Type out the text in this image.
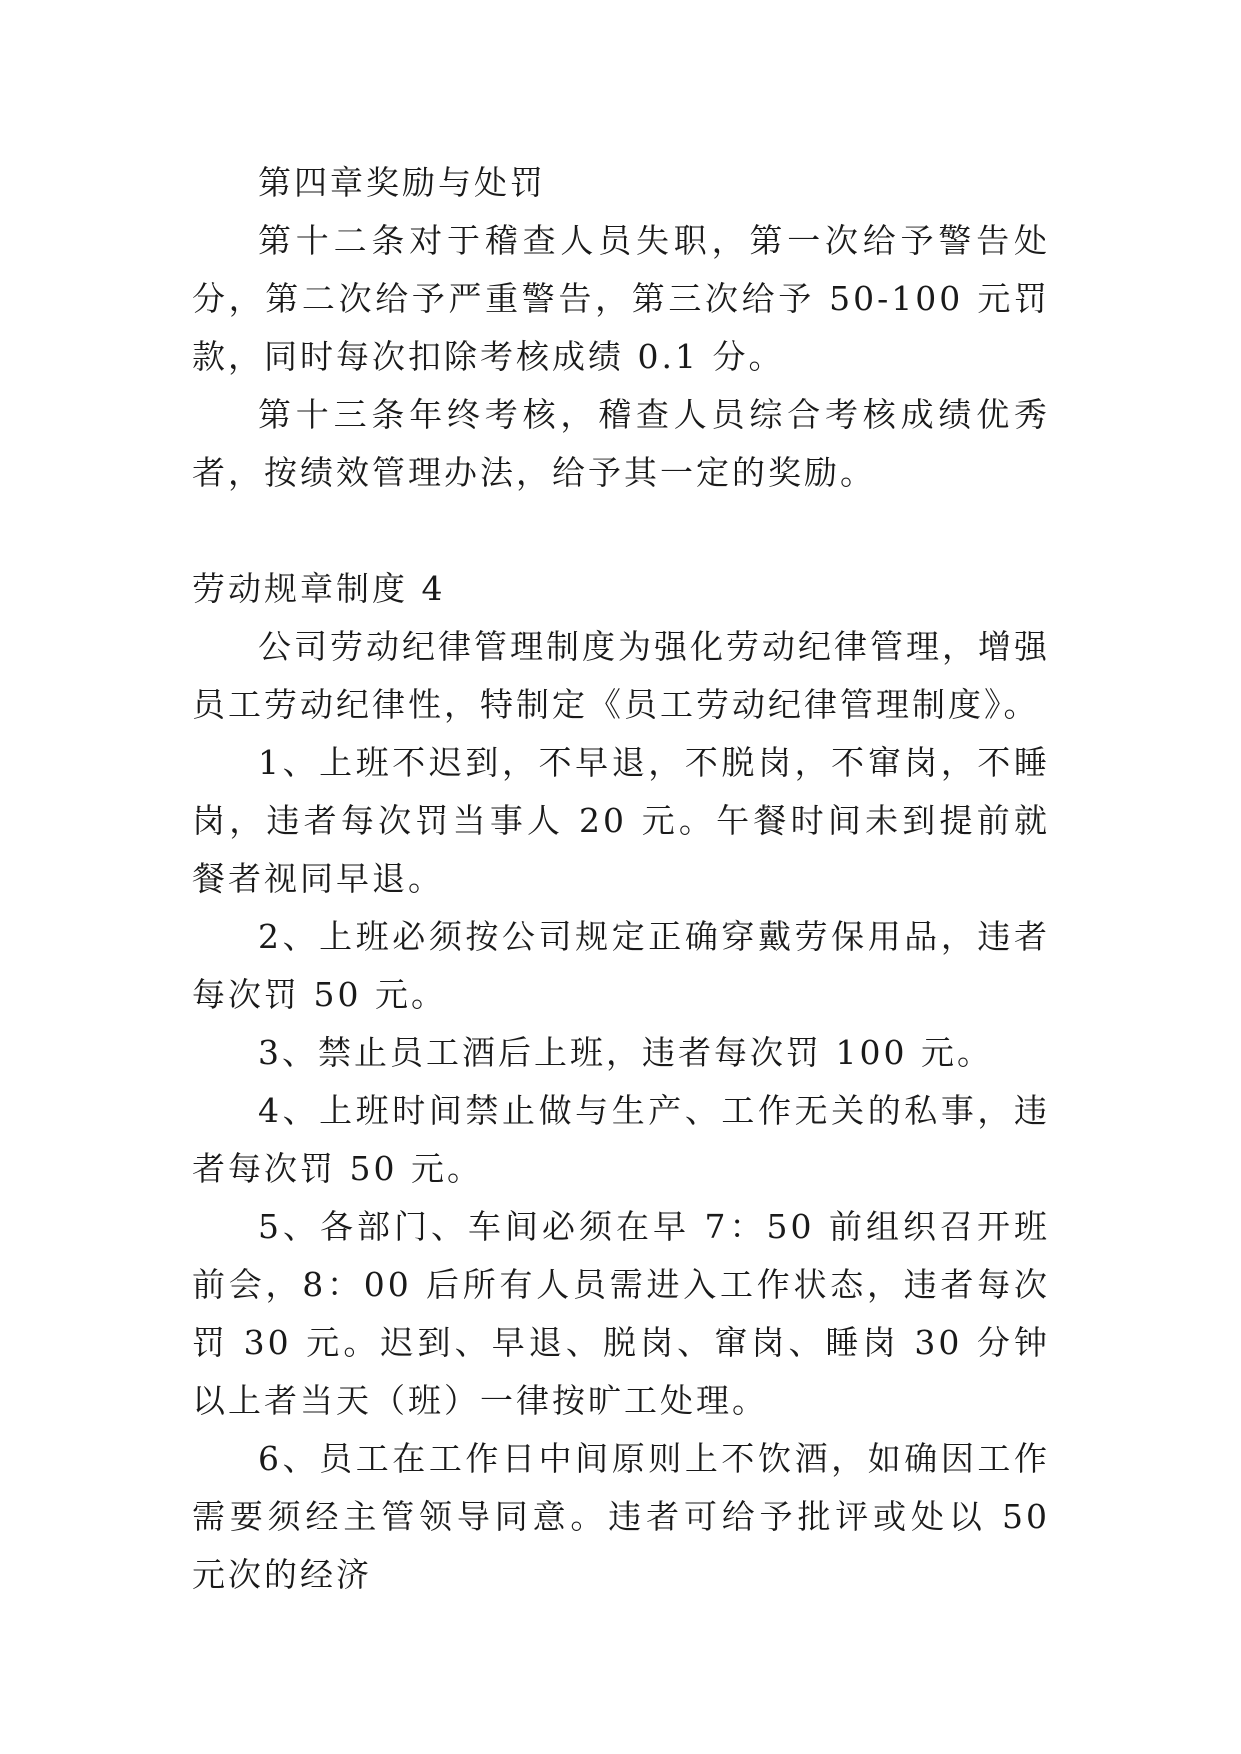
第四章奖励与处罚

第十二条对于稽查人员失职，第一次给予警告处分，第二次给予严重警告，第三次给予 50-100 元罚款，同时每次扣除考核成绩 0.1 分。

第十三条年终考核，稽查人员综合考核成绩优秀者，按绩效管理办法，给予其一定的奖励。

劳动规章制度 4

公司劳动纪律管理制度为强化劳动纪律管理，增强员工劳动纪律性，特制定《员工劳动纪律管理制度》。

1、上班不迟到，不早退，不脱岗，不窜岗，不睡岗，违者每次罚当事人 20 元。午餐时间未到提前就餐者视同早退。

2、上班必须按公司规定正确穿戴劳保用品，违者每次罚 50 元。

3、禁止员工酒后上班，违者每次罚 100 元。

4、上班时间禁止做与生产、工作无关的私事，违者每次罚 50 元。

5、各部门、车间必须在早 7：50 前组织召开班前会，8：00 后所有人员需进入工作状态，违者每次罚 30 元。迟到、早退、脱岗、窜岗、睡岗 30 分钟以上者当天（班）一律按旷工处理。

6、员工在工作日中间原则上不饮酒，如确因工作需要须经主管领导同意。违者可给予批评或处以 50 元次的经济
